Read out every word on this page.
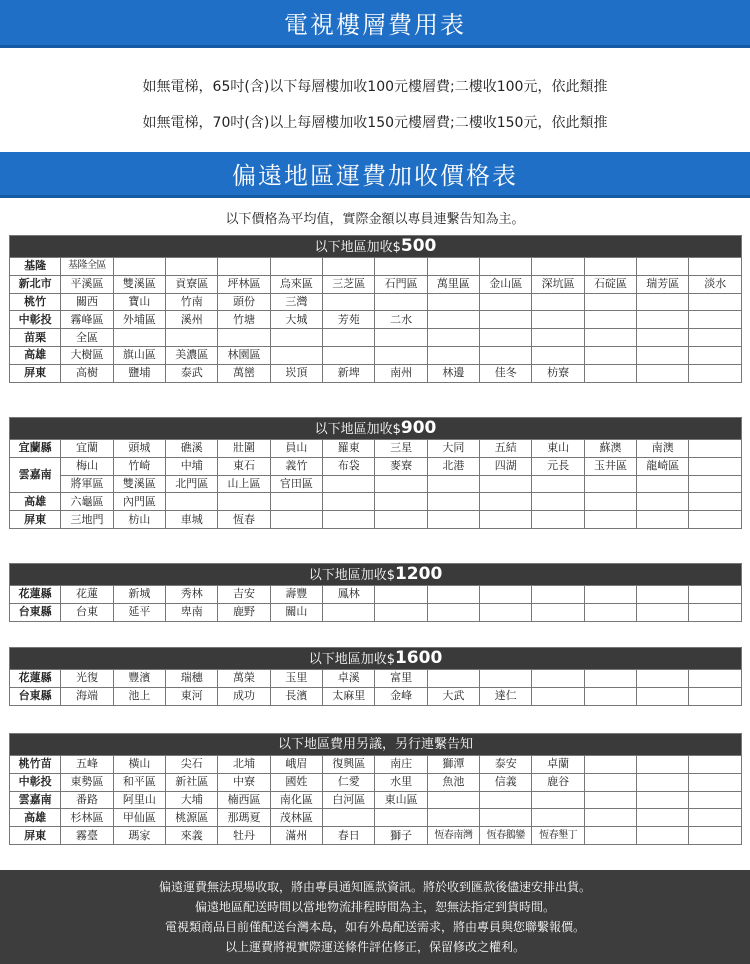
電視樓層費用表
如無電梯，65吋(含)以下每層樓加收100元樓層費;二樓收100元，依此類推
如無電梯，70吋(含)以上每層樓加收150元樓層費;二樓收150元，依此類推
偏遠地區運費加收價格表
以下價格為平均值，實際金額以專員連繫告知為主。
以下地區加收$500													
基隆	基隆全區												
新北市	平溪區	雙溪區	貢寮區	坪林區	烏來區	三芝區	石門區	萬里區	金山區	深坑區	石碇區	瑞芳區	淡水
桃竹	關西	寶山	竹南	頭份	三灣								
中彰投	霧峰區	外埔區	溪州	竹塘	大城	芳苑	二水						
苗栗	全區												
高雄	大樹區	旗山區	美濃區	林園區									
屏東	高樹	鹽埔	泰武	萬巒	崁頂	新埤	南州	林邊	佳冬	枋寮			
以下地區加收$900													
宜蘭縣	宜蘭	頭城	礁溪	壯圍	員山	羅東	三星	大同	五結	東山	蘇澳	南澳	
雲嘉南	梅山	竹崎	中埔	東石	義竹	布袋	麥寮	北港	四湖	元長	玉井區	龍崎區	
	將軍區	雙溪區	北門區	山上區	官田區								
高雄	六龜區	內門區											
屏東	三地門	枋山	車城	恆春									
以下地區加收$1200													
花蓮縣	花蓮	新城	秀林	吉安	壽豐	鳳林							
台東縣	台東	延平	卑南	鹿野	關山								
以下地區加收$1600													
花蓮縣	光復	豐濱	瑞穗	萬榮	玉里	卓溪	富里						
台東縣	海端	池上	東河	成功	長濱	太麻里	金峰	大武	達仁				
以下地區費用另議，另行連繫告知													
桃竹苗	五峰	橫山	尖石	北埔	峨眉	復興區	南庄	獅潭	泰安	卓蘭			
中彰投	東勢區	和平區	新社區	中寮	國姓	仁愛	水里	魚池	信義	鹿谷			
雲嘉南	番路	阿里山	大埔	楠西區	南化區	白河區	東山區						
高雄	杉林區	甲仙區	桃源區	那瑪夏	茂林區								
屏東	霧臺	瑪家	來義	牡丹	滿州	春日	獅子	恆春南灣	恆春鵝鑾	恆春墾丁			
偏遠運費無法現場收取，將由專員通知匯款資訊。將於收到匯款後儘速安排出貨。
偏遠地區配送時間以當地物流排程時間為主，恕無法指定到貨時間。
電視類商品目前僅配送台灣本島，如有外島配送需求，將由專員與您聯繫報價。
以上運費將視實際運送條件評估修正，保留修改之權利。
